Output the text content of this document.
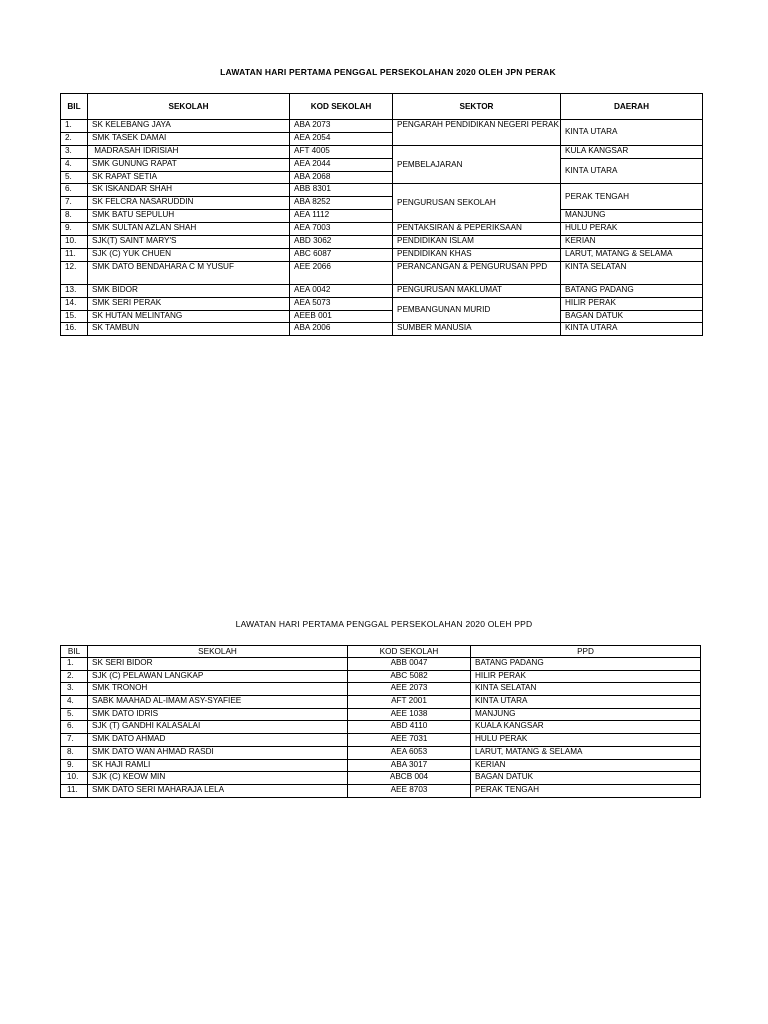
LAWATAN HARI PERTAMA PENGGAL PERSEKOLAHAN 2020 OLEH JPN PERAK
BIL	SEKOLAH	KOD SEKOLAH	SEKTOR	DAERAH
1.	SK KELEBANG JAYA	ABA 2073	PENGARAH PENDIDIKAN NEGERI PERAK	KINTA UTARA
2.	SMK TASEK DAMAI	AEA 2054		
3.	MADRASAH IDRISIAH	AFT 4005	PEMBELAJARAN	KULA KANGSAR
4.	SMK GUNUNG RAPAT	AEA 2044		KINTA UTARA
5.	SK RAPAT SETIA	ABA 2068		
6.	SK ISKANDAR SHAH	ABB 8301	PENGURUSAN SEKOLAH	PERAK TENGAH
7.	SK FELCRA NASARUDDIN	ABA 8252		
8.	SMK BATU SEPULUH	AEA 1112		MANJUNG
9.	SMK SULTAN AZLAN SHAH	AEA 7003	PENTAKSIRAN & PEPERIKSAAN	HULU PERAK
10.	SJK(T) SAINT MARY'S	ABD 3062	PENDIDIKAN ISLAM	KERIAN
11.	SJK (C) YUK CHUEN	ABC 6087	PENDIDIKAN KHAS	LARUT, MATANG & SELAMA
12.	SMK DATO BENDAHARA C M YUSUF	AEE 2066	PERANCANGAN & PENGURUSAN PPD	KINTA SELATAN
13.	SMK BIDOR	AEA 0042	PENGURUSAN MAKLUMAT	BATANG PADANG
14.	SMK SERI PERAK	AEA 5073	PEMBANGUNAN MURID	HILIR PERAK
15.	SK HUTAN MELINTANG	AEEB 001		BAGAN DATUK
16.	SK TAMBUN	ABA 2006	SUMBER MANUSIA	KINTA UTARA
LAWATAN HARI PERTAMA PENGGAL PERSEKOLAHAN 2020 OLEH PPD
BIL	SEKOLAH	KOD SEKOLAH	PPD
1.	SK SERI BIDOR	ABB 0047	BATANG PADANG
2.	SJK (C) PELAWAN LANGKAP	ABC 5082	HILIR PERAK
3.	SMK TRONOH	AEE 2073	KINTA SELATAN
4.	SABK MAAHAD AL-IMAM ASY-SYAFIEE	AFT 2001	KINTA UTARA
5.	SMK DATO IDRIS	AEE 1038	MANJUNG
6.	SJK (T) GANDHI KALASALAI	ABD 4110	KUALA KANGSAR
7.	SMK DATO AHMAD	AEE 7031	HULU PERAK
8.	SMK DATO WAN AHMAD RASDI	AEA 6053	LARUT, MATANG & SELAMA
9.	SK HAJI RAMLI	ABA 3017	KERIAN
10.	SJK (C) KEOW MIN	ABCB 004	BAGAN DATUK
11.	SMK DATO SERI MAHARAJA LELA	AEE 8703	PERAK TENGAH
